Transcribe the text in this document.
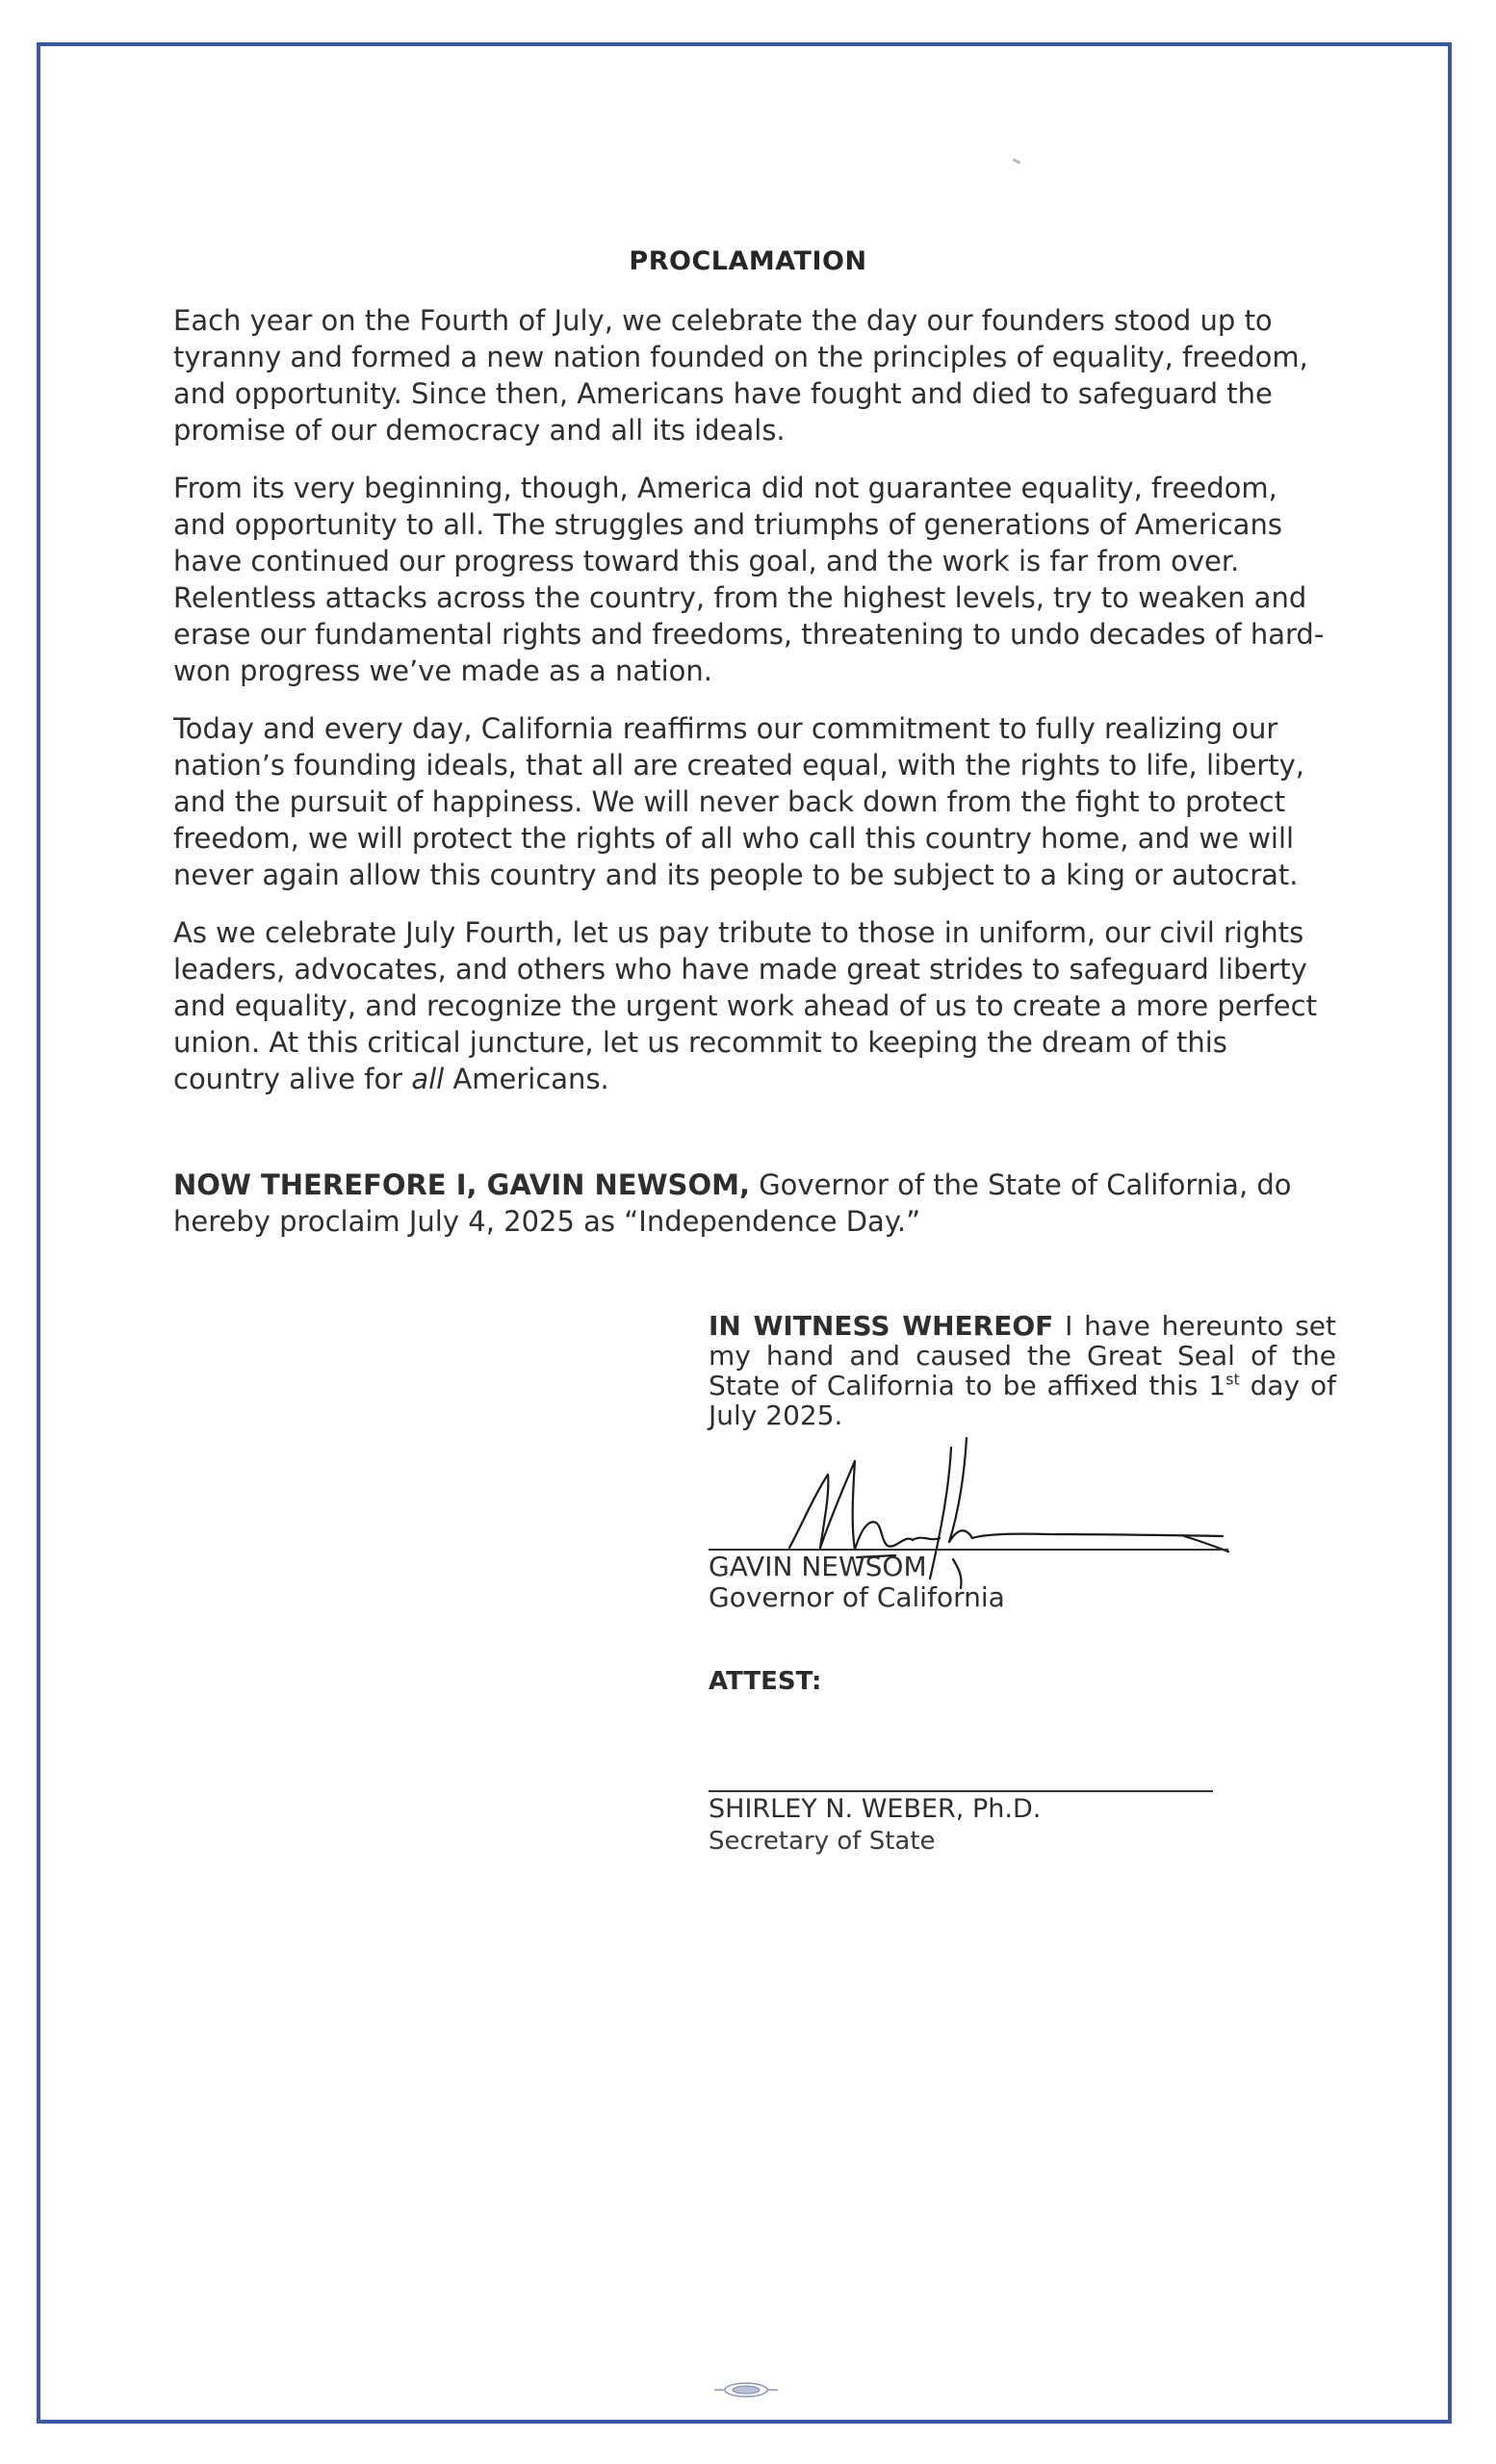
PROCLAMATION

Each year on the Fourth of July, we celebrate the day our founders stood up to tyranny and formed a new nation founded on the principles of equality, freedom, and opportunity. Since then, Americans have fought and died to safeguard the promise of our democracy and all its ideals.

From its very beginning, though, America did not guarantee equality, freedom, and opportunity to all. The struggles and triumphs of generations of Americans have continued our progress toward this goal, and the work is far from over. Relentless attacks across the country, from the highest levels, try to weaken and erase our fundamental rights and freedoms, threatening to undo decades of hard-won progress we’ve made as a nation.

Today and every day, California reaffirms our commitment to fully realizing our nation’s founding ideals, that all are created equal, with the rights to life, liberty, and the pursuit of happiness. We will never back down from the fight to protect freedom, we will protect the rights of all who call this country home, and we will never again allow this country and its people to be subject to a king or autocrat.

As we celebrate July Fourth, let us pay tribute to those in uniform, our civil rights leaders, advocates, and others who have made great strides to safeguard liberty and equality, and recognize the urgent work ahead of us to create a more perfect union. At this critical juncture, let us recommit to keeping the dream of this country alive for all Americans.

NOW THEREFORE I, GAVIN NEWSOM, Governor of the State of California, do hereby proclaim July 4, 2025 as “Independence Day.”
IN WITNESS WHEREOF I have hereunto set my hand and caused the Great Seal of the State of California to be affixed this 1st day of July 2025.
GAVIN NEWSOM
Governor of California
ATTEST:
SHIRLEY N. WEBER, Ph.D.
Secretary of State
